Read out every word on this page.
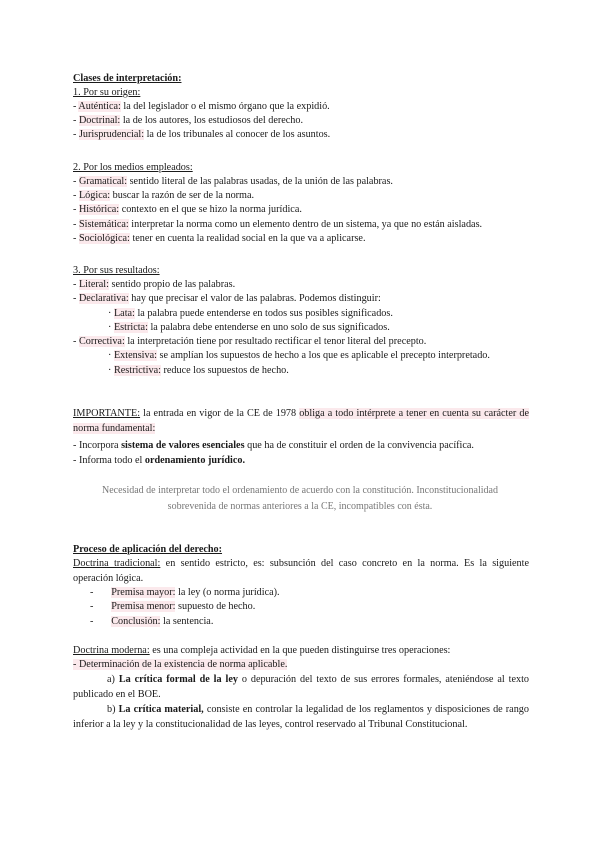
Clases de interpretación:
1. Por su origen:
- Auténtica: la del legislador o el mismo órgano que la expidió.
- Doctrinal: la de los autores, los estudiosos del derecho.
- Jurisprudencial: la de los tribunales al conocer de los asuntos.
2. Por los medios empleados:
- Gramatical: sentido literal de las palabras usadas, de la unión de las palabras.
- Lógica: buscar la razón de ser de la norma.
- Histórica: contexto en el que se hizo la norma jurídica.
- Sistemática: interpretar la norma como un elemento dentro de un sistema, ya que no están aisladas.
- Sociológica: tener en cuenta la realidad social en la que va a aplicarse.
3. Por sus resultados:
- Literal: sentido propio de las palabras.
- Declarativa: hay que precisar el valor de las palabras. Podemos distinguir:
· Lata: la palabra puede entenderse en todos sus posibles significados.
· Estricta: la palabra debe entenderse en uno solo de sus significados.
- Correctiva: la interpretación tiene por resultado rectificar el tenor literal del precepto.
· Extensiva: se amplían los supuestos de hecho a los que es aplicable el precepto interpretado.
· Restrictiva: reduce los supuestos de hecho.
IMPORTANTE: la entrada en vigor de la CE de 1978 obliga a todo intérprete a tener en cuenta su carácter de norma fundamental:
- Incorpora sistema de valores esenciales que ha de constituir el orden de la convivencia pacífica.
- Informa todo el ordenamiento jurídico.
Necesidad de interpretar todo el ordenamiento de acuerdo con la constitución. Inconstitucionalidad
sobrevenida de normas anteriores a la CE, incompatibles con ésta.
Proceso de aplicación del derecho:
Doctrina tradicional: en sentido estricto, es: subsunción del caso concreto en la norma. Es la siguiente operación lógica.
-       Premisa mayor: la ley (o norma jurídica).
-       Premisa menor: supuesto de hecho.
-       Conclusión: la sentencia.
Doctrina moderna: es una compleja actividad en la que pueden distinguirse tres operaciones:
- Determinación de la existencia de norma aplicable.
a) La crítica formal de la ley o depuración del texto de sus errores formales, ateniéndose al texto publicado en el BOE.
b) La crítica material, consiste en controlar la legalidad de los reglamentos y disposiciones de rango inferior a la ley y la constitucionalidad de las leyes, control reservado al Tribunal Constitucional.
